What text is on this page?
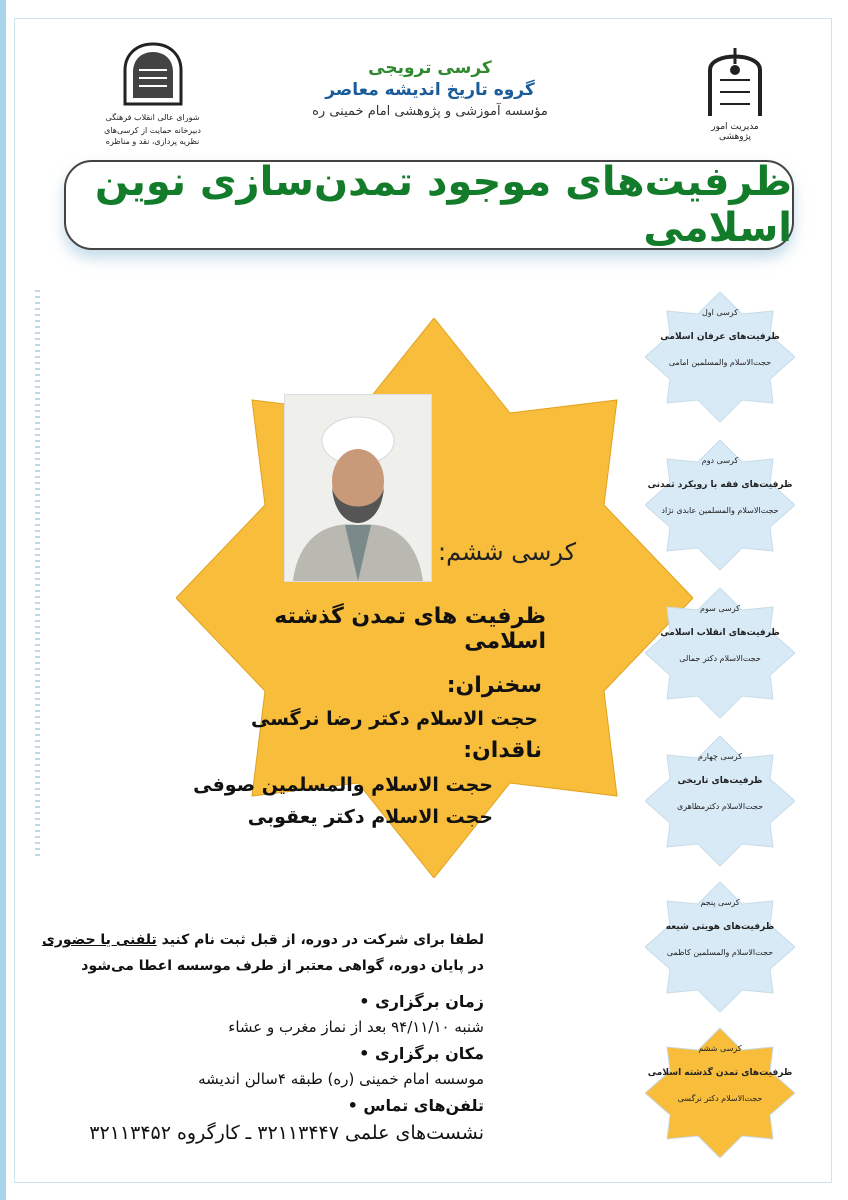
شورای عالی انقلاب فرهنگی
دبیرخانه حمایت از کرسی‌های نظریه پردازی، نقد و مناظره
مدیریت امور پژوهشی
کرسی ترویجی
گروه تاریخ اندیشه معاصر
مؤسسه آموزشی و پژوهشی امام خمینی ره
ظرفیت‌های موجود تمدن‌سازی نوین اسلامی
کرسی ششم:
ظرفیت های تمدن گذشته اسلامی
سخنران:
حجت الاسلام دکتر رضا نرگسی
ناقدان:
حجت الاسلام والمسلمین صوفی
حجت الاسلام دکتر یعقوبی
کرسی اول
ظرفیت‌های عرفان اسلامی
حجت‌الاسلام والمسلمین امامی
کرسی دوم
ظرفیت‌های فقه با رویکرد تمدنی
حجت‌الاسلام والمسلمین عابدی نژاد
کرسی سوم
ظرفیت‌های انقلاب اسلامی
حجت‌الاسلام دکتر جمالی
کرسی چهارم
ظرفیت‌های تاریخی
حجت‌الاسلام دکترمظاهری
کرسی پنجم
ظرفیت‌های هویتی شیعه
حجت‌الاسلام والمسلمین کاظمی
کرسی ششم
ظرفیت‌های تمدن گذشته اسلامی
حجت‌الاسلام دکتر نرگسی
لطفا برای شرکت در دوره، از قبل ثبت نام کنید تلفنی یا حضوری
در پایان دوره، گواهی معتبر از طرف موسسه اعطا می‌شود
زمان برگزاری •
شنبه ۹۴/۱۱/۱۰ بعد از نماز مغرب و عشاء
مکان برگزاری •
موسسه امام خمینی (ره) طبقه ۴سالن اندیشه
تلفن‌های تماس •
نشست‌های علمی ۳۲۱۱۳۴۴۷ ـ کارگروه ۳۲۱۱۳۴۵۲
